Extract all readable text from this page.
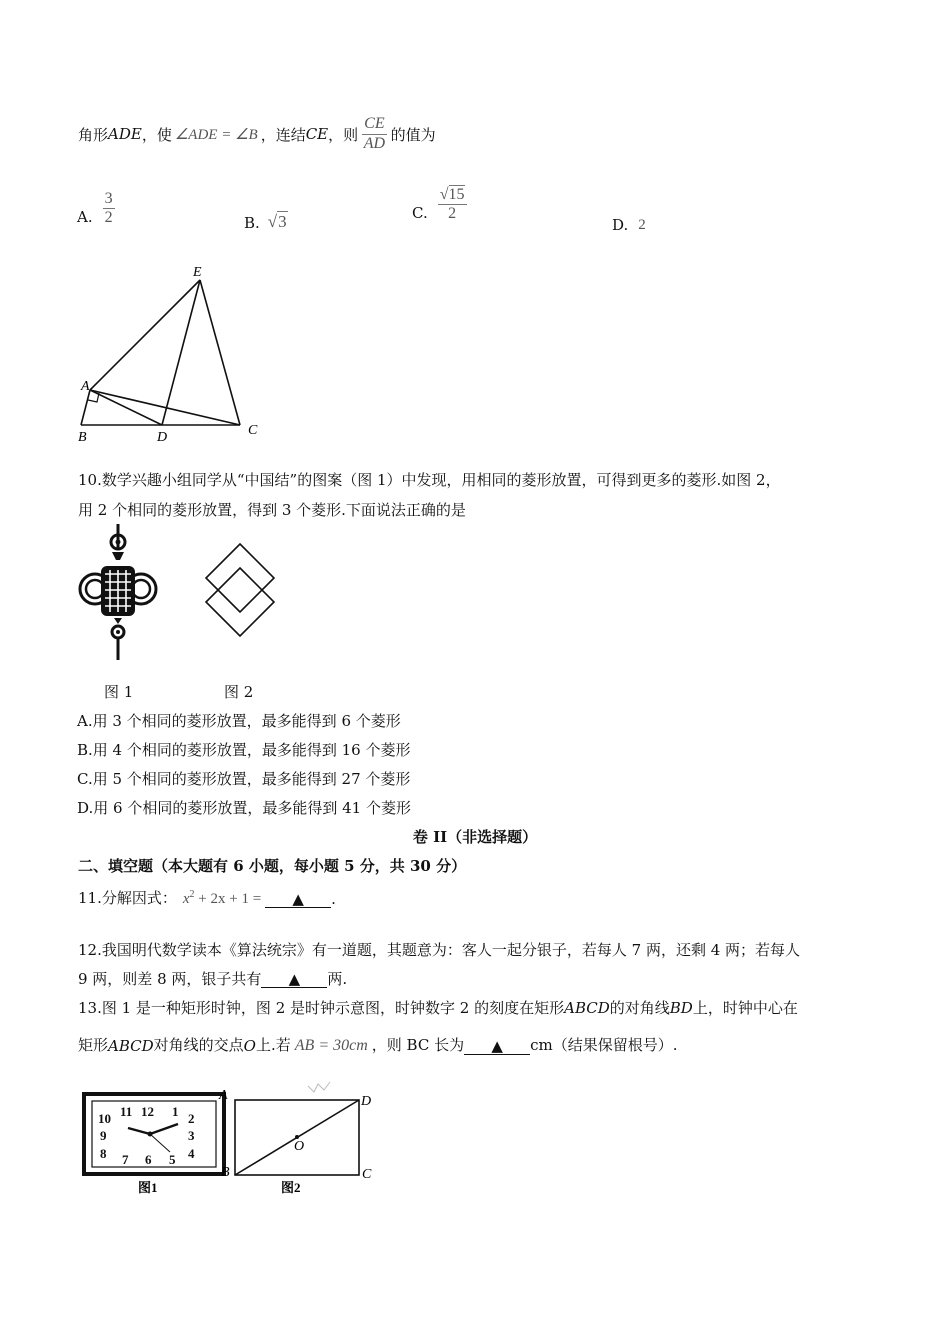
角形 ADE ，使 ∠ADE = ∠B ，连结 CE ，则 $\frac{CE}{AD}$ 的值为
A. $\frac{3}{2}$	B. √3	C. $\frac{√15}{2}$
D. 2
E
A
B	D	C
10.数学兴趣小组同学从“中国结”的图案（图 1）中发现，用相同的菱形放置，可得到更多的菱形.如图 2，
用 2 个相同的菱形放置，得到 3 个菱形.下面说法正确的是
图 1	图 2
A.用 3 个相同的菱形放置，最多能得到 6 个菱形
B.用 4 个相同的菱形放置，最多能得到 16 个菱形
C.用 5 个相同的菱形放置，最多能得到 27 个菱形
D.用 6 个相同的菱形放置，最多能得到 41 个菱形
卷 II（非选择题）
二、填空题（本大题有 6 小题，每小题 5 分，共 30 分）
11.分解因式： $x^2 + 2x + 1$ =	▲	.
12.我国明代数学读本《算法统宗》有一道题，其题意为：客人一起分银子，若每人 7 两，还剩 4 两；若每人
9 两，则差 8 两，银子共有 ▲ 两.
13.图 1 是一种矩形时钟，图 2 是时钟示意图，时钟数字 2 的刻度在矩形ABCD的对角线BD上，时钟中心在
矩形 ABCD 对角线的交点 O 上.若 AB = 30cm ，则 BC 长为	▲	cm（结果保留根号）.
11 12 1 2
3
4
5
6
7
8
9
10
A
B
O
D
C
图1	图2
